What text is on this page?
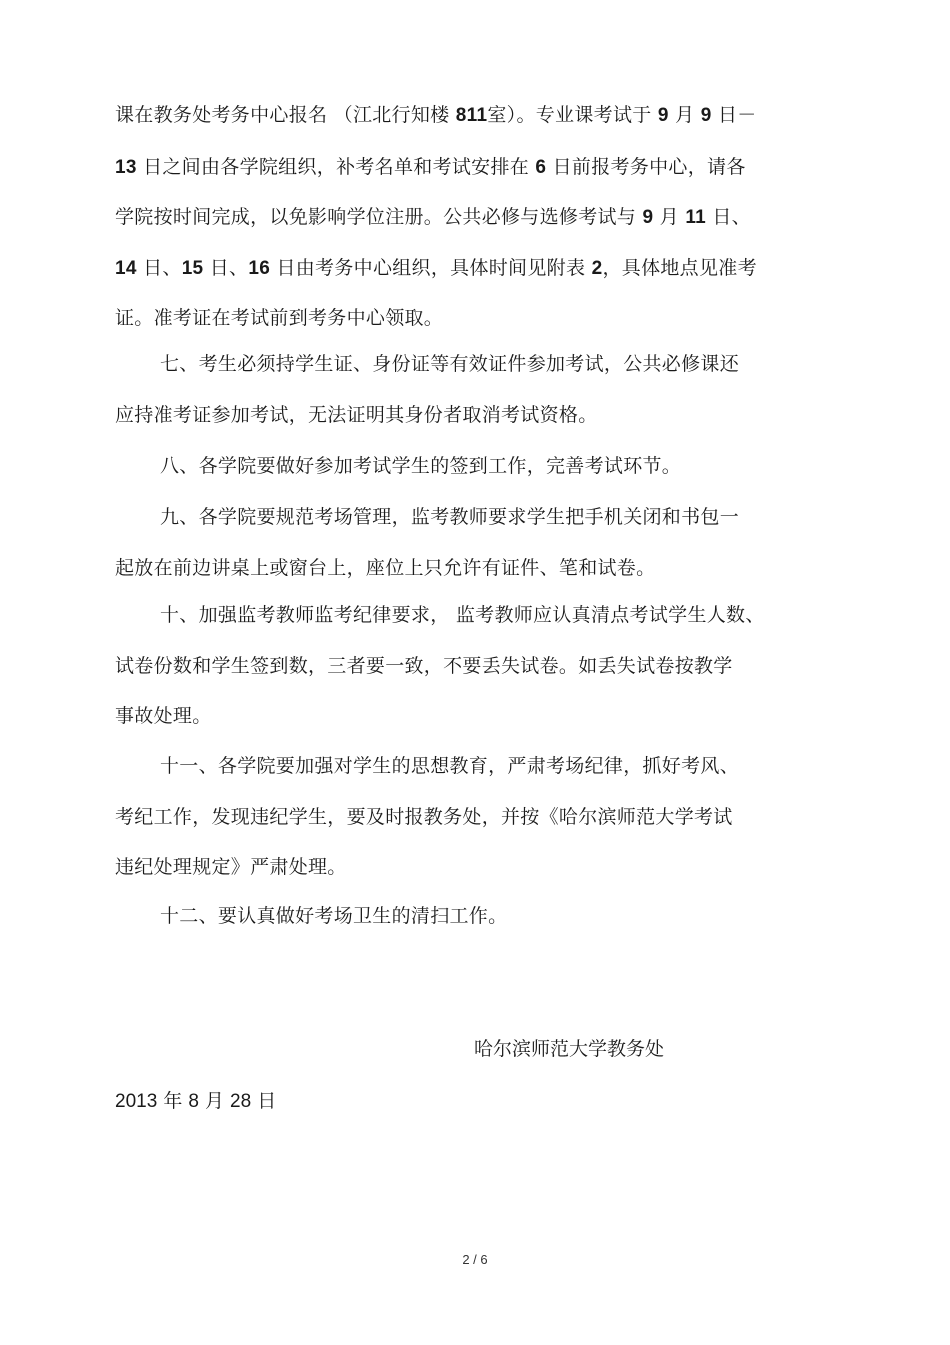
课在教务处考务中心报名 （江北行知楼 811室）。专业课考试于 9 月 9 日－
13 日之间由各学院组织，补考名单和考试安排在 6 日前报考务中心，请各
学院按时间完成，以免影响学位注册。公共必修与选修考试与 9 月 11 日、
14 日、15 日、16 日由考务中心组织，具体时间见附表 2，具体地点见准考
证。准考证在考试前到考务中心领取。
七、考生必须持学生证、身份证等有效证件参加考试，公共必修课还
应持准考证参加考试，无法证明其身份者取消考试资格。
八、各学院要做好参加考试学生的签到工作，完善考试环节。
九、各学院要规范考场管理，监考教师要求学生把手机关闭和书包一
起放在前边讲桌上或窗台上，座位上只允许有证件、笔和试卷。
十、加强监考教师监考纪律要求， 监考教师应认真清点考试学生人数、
试卷份数和学生签到数，三者要一致，不要丢失试卷。如丢失试卷按教学
事故处理。
十一、各学院要加强对学生的思想教育，严肃考场纪律，抓好考风、
考纪工作，发现违纪学生，要及时报教务处，并按《哈尔滨师范大学考试
违纪处理规定》严肃处理。
十二、要认真做好考场卫生的清扫工作。
哈尔滨师范大学教务处
2013 年 8 月 28 日
2 / 6
